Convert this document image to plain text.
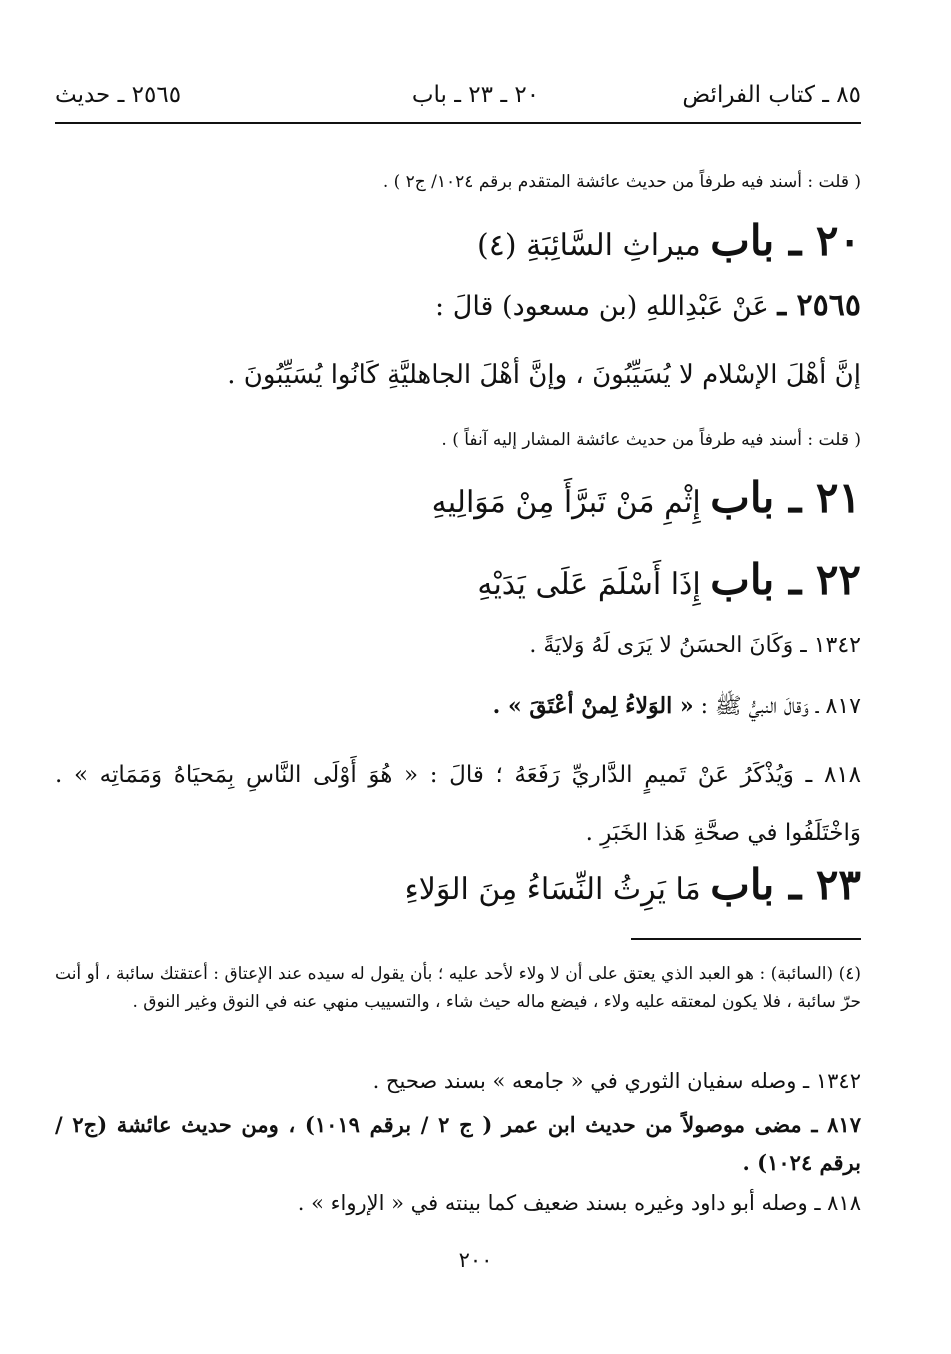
٨٥ ـ كتاب الفرائض
٢٠ ـ ٢٣ ـ باب
٢٥٦٥ ـ حديث
( قلت : أسند فيه طرفاً من حديث عائشة المتقدم برقم ١٠٢٤/ ج٢ ) .
٢٠ ـ باب ميراثِ السَّائِبَةِ (٤)
٢٥٦٥ ـ عَنْ عَبْدِاللهِ (بن مسعود) قالَ :
إنَّ أهْلَ الإسْلام لا يُسَيِّبُونَ ، وإنَّ أهْلَ الجاهليَّةِ كَانُوا يُسَيِّبُونَ .
( قلت : أسند فيه طرفاً من حديث عائشة المشار إليه آنفاً ) .
٢١ ـ باب إِثْمِ مَنْ تَبرَّأَ مِنْ مَوَالِيهِ
٢٢ ـ باب إِذَا أَسْلَمَ عَلَى يَدَيْهِ
١٣٤٢ ـ وَكَانَ الحسَنُ لا يَرَى لَهُ وَلايَةً .
٨١٧ ـ وَقالَ النبيُّ ﷺ : « الوَلاءُ لِمنْ أعْتَقَ » .
٨١٨ ـ وَيُذْكَرُ عَنْ تَميمٍ الدَّاريِّ رَفَعَهُ ؛ قالَ : « هُوَ أَوْلَى النَّاسِ بِمَحيَاهُ وَمَمَاتِه » . وَاخْتَلَفُوا في صحَّةِ هَذا الخَبَرِ .
٢٣ ـ باب مَا يَرِثُ النِّسَاءُ مِنَ الوَلاءِ
(٤) (السائبة) : هو العبد الذي يعتق على أن لا ولاء لأحد عليه ؛ بأن يقول له سيده عند الإعتاق : أعتقتك سائبة ، أو أنت حرّ سائبة ، فلا يكون لمعتقه عليه ولاء ، فيضع ماله حيث شاء ، والتسييب منهي عنه في النوق وغير النوق .
١٣٤٢ ـ وصله سفيان الثوري في « جامعه » بسند صحيح .
٨١٧ ـ مضى موصولاً من حديث ابن عمر ( ج ٢ / برقم ١٠١٩) ، ومن حديث عائشة (ج٢ / برقم ١٠٢٤) .
٨١٨ ـ وصله أبو داود وغيره بسند ضعيف كما بينته في « الإرواء » .
٢٠٠
